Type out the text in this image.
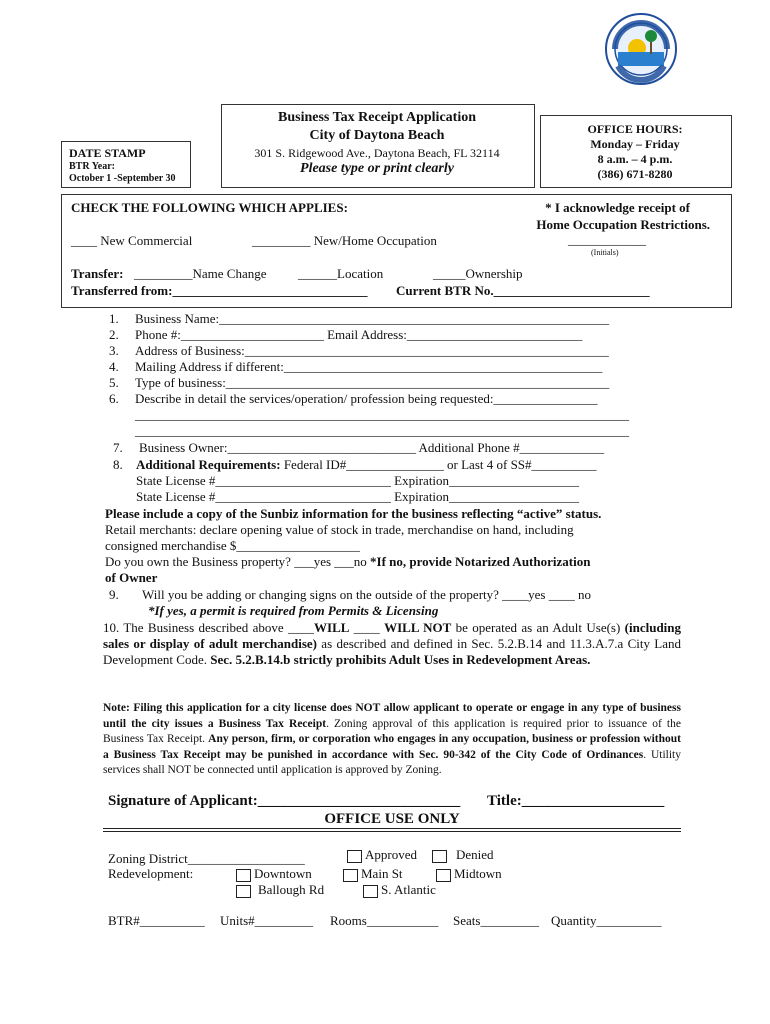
Business Tax Receipt Application
City of Daytona Beach
301 S. Ridgewood Ave., Daytona Beach, FL 32114
Please type or print clearly
DATE STAMP
BTR Year:
October 1 -September 30
OFFICE HOURS:
Monday – Friday
8 a.m. – 4 p.m.
(386) 671-8280
CHECK THE FOLLOWING WHICH APPLIES:	* I acknowledge receipt of
Home Occupation Restrictions.
____ New Commercial	_________ New/Home Occupation	____________
(Initials)
Transfer: _________Name Change ______Location	_____Ownership
Transferred from:______________________________ Current BTR No.________________________
1. Business Name:____________________________________________________________
2. Phone #:______________________ Email Address:___________________________
3. Address of Business:________________________________________________________
4. Mailing Address if different:_________________________________________________
5. Type of business:___________________________________________________________
6. Describe in detail the services/operation/ profession being requested:________________
____________________________________________________________________________
____________________________________________________________________________
7. Business Owner:_____________________________ Additional Phone #_____________
8. Additional Requirements: Federal ID#_______________ or Last 4 of SS#__________
State License #___________________________ Expiration____________________
State License #___________________________ Expiration____________________
Please include a copy of the Sunbiz information for the business reflecting “active” status.
Retail merchants: declare opening value of stock in trade, merchandise on hand, including
consigned merchandise $___________________
Do you own the Business property? ___yes ___no *If no, provide Notarized Authorization
of Owner
9. Will you be adding or changing signs on the outside of the property? ____yes ____ no
*If yes, a permit is required from Permits & Licensing
10. The Business described above ____WILL ____ WILL NOT be operated as an Adult Use(s) (including sales or display of adult merchandise) as described and defined in Sec. 5.2.B.14 and 11.3.A.7.a City Land Development Code. Sec. 5.2.B.14.b strictly prohibits Adult Uses in Redevelopment Areas.
Note: Filing this application for a city license does NOT allow applicant to operate or engage in any type of business until the city issues a Business Tax Receipt. Zoning approval of this application is required prior to issuance of the Business Tax Receipt. Any person, firm, or corporation who engages in any occupation, business or profession without a Business Tax Receipt may be punished in accordance with Sec. 90-342 of the City Code of Ordinances. Utility services shall NOT be connected until application is approved by Zoning.
Signature of Applicant:___________________________ Title:___________________
OFFICE USE ONLY
Zoning District__________________	Approved	Denied
Redevelopment:	Downtown	Main St	Midtown
Ballough Rd	S. Atlantic
BTR#__________ Units#_________ Rooms___________ Seats_________ Quantity__________
